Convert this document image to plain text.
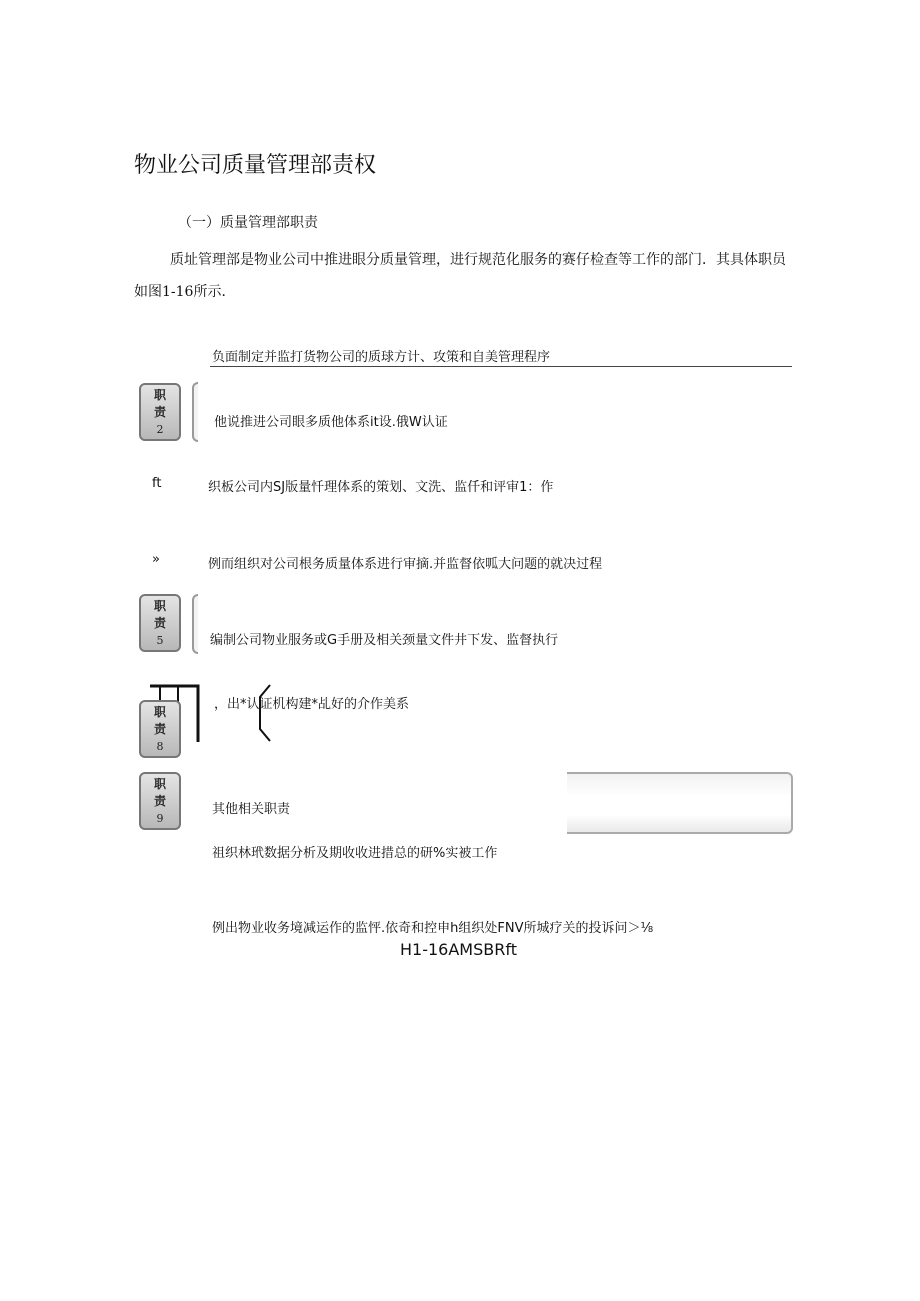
物业公司质量管理部责权
（一）质量管理部职责
质址管理部是物业公司中推进眼分质量管理，进行规范化服务的赛仔检查等工作的部门．其具体职员如图1-16所示．
负面制定并监打货物公司的质球方计、攻策和自美管理程序
职
责
2	他说推进公司眼多质他体系it设.俄W认证
ft	织板公司内SJ版量忏理体系的策划、文洗、监仟和评审1：作
»	例而组织对公司根务质量体系进行审摘.并监督依呱大问题的就决过程
职
责
5	编制公司物业服务或G手册及相关颈量文件井下发、监督执行
职
责
8
，出*认证机构建*乩好的介作美系
职
责
9
其他相关职责
祖织林玳数据分析及期收收进措总的研%实被工作
例出物业收务境减运作的监怦.依奇和控申h组织处FNV所城疗关的投诉问＞⅛
H1-16AMSBRft
